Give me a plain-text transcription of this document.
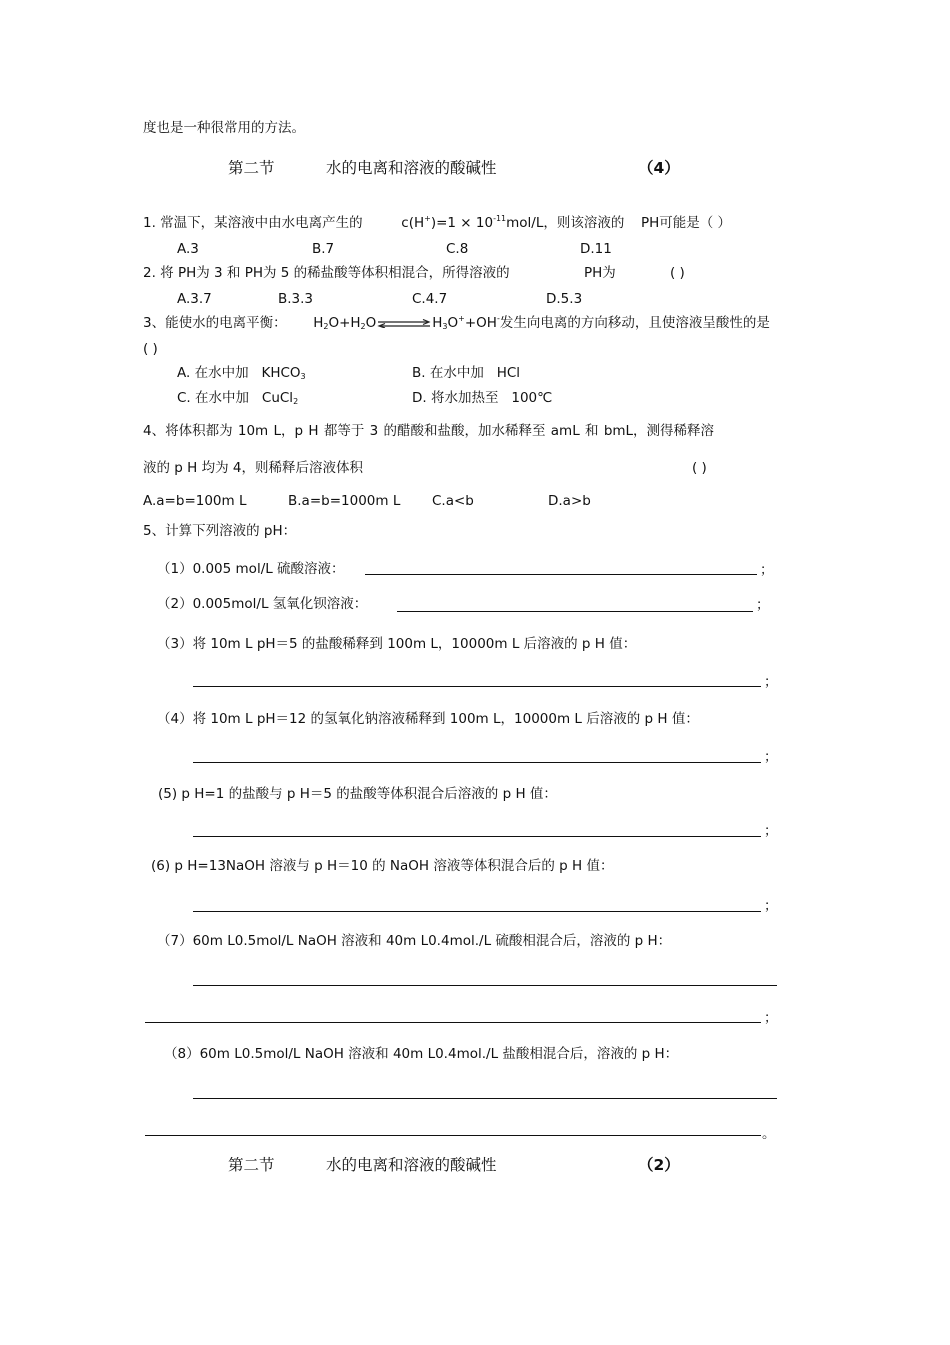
度也是一种很常用的方法。
第二节	水的电离和溶液的酸碱性	（4）
1. 常温下，某溶液中由水电离产生的	$c(H^+)=1 \times 10^{-11}mol/L$，则该溶液的 PH可能是（ ）
A.3	B.7	C.8	D.11
2. 将 PH为 3 和 PH为 5 的稀盐酸等体积相混合，所得溶液的	PH为	( )
A.3.7	B.3.3	C.4.7	D.5.3
3、能使水的电离平衡： $H_2O+H_2O$	$H_3O^++OH^-$发生向电离的方向移动，且使溶液呈酸性的是
( )
A. 在水中加 $KHCO_3$	B. 在水中加 HCl
C. 在水中加 CuCl$_2$	D. 将水加热至 100℃
4、将体积都为 10m L，p H 都等于 3 的醋酸和盐酸，加水稀释至 amL 和 bmL，测得稀释溶
液的 p H 均为 4，则稀释后溶液体积	( )
A.a=b=100m L	B.a=b=1000m L C.a<b	D.a>b
5、计算下列溶液的 pH：
（1）0.005 mol/L 硫酸溶液：	；
（2）0.005mol/L 氢氧化钡溶液：	；
（3）将 10m L pH＝5 的盐酸稀释到 100m L，10000m L 后溶液的 p H 值：
；
（4）将 10m L pH＝12 的氢氧化钠溶液稀释到 100m L，10000m L 后溶液的 p H 值：
；
(5) p H=1 的盐酸与 p H＝5 的盐酸等体积混合后溶液的 p H 值：
；
(6) p H=13NaOH 溶液与 p H＝10 的 NaOH 溶液等体积混合后的 p H 值：
；
（7）60m L0.5mol/L NaOH 溶液和 40m L0.4mol./L 硫酸相混合后，溶液的 p H：
；
（8）60m L0.5mol/L NaOH 溶液和 40m L0.4mol./L 盐酸相混合后，溶液的 p H：
。
第二节	水的电离和溶液的酸碱性	（2）
